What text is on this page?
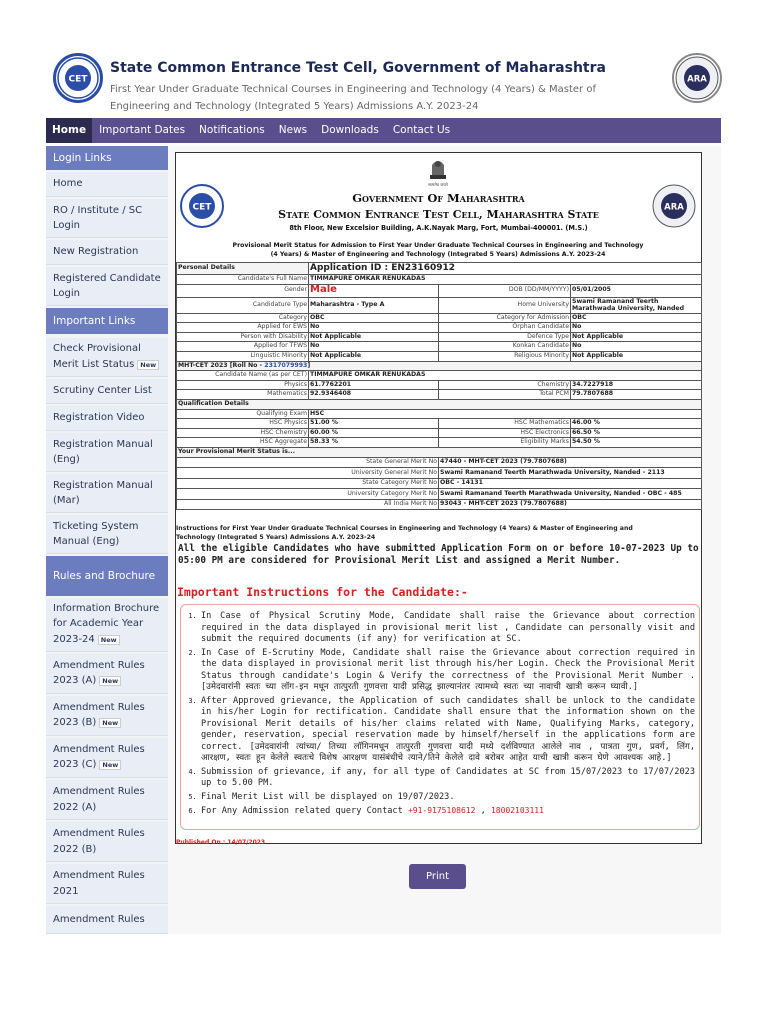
CET
State Common Entrance Test Cell, Government of Maharashtra
First Year Under Graduate Technical Courses in Engineering and Technology (4 Years) & Master of Engineering and Technology (Integrated 5 Years) Admissions A.Y. 2023-24
ARA
Home	Important Dates	Notifications	News	Downloads	Contact Us
Login Links
Home
RO / Institute / SC Login
New Registration
Registered Candidate Login
Important Links
Check Provisional Merit List Status New
Scrutiny Center List
Registration Video
Registration Manual (Eng)
Registration Manual (Mar)
Ticketing System Manual (Eng)
Rules and Brochure
Information Brochure for Academic Year 2023-24 New
Amendment Rules 2023 (A) New
Amendment Rules 2023 (B) New
Amendment Rules 2023 (C) New
Amendment Rules 2022 (A)
Amendment Rules 2022 (B)
Amendment Rules 2021
Amendment Rules
सत्यमेव जयते
CET	ARA
Government Of Maharashtra
State Common Entrance Test Cell, Maharashtra State
8th Floor, New Excelsior Building, A.K.Nayak Marg, Fort, Mumbai-400001. (M.S.)
Provisional Merit Status for Admission to First Year Under Graduate Technical Courses in Engineering and Technology (4 Years) & Master of Engineering and Technology (Integrated 5 Years) Admissions A.Y. 2023-24
Personal Details	Application ID : EN23160912		
Candidate's Full Name	TIMMAPURE OMKAR RENUKADAS		
Gender	Male	DOB (DD/MM/YYYY)	05/01/2005
Candidature Type	Maharashtra - Type A	Home University	Swami Ramanand Teerth Marathwada University, Nanded
Category	OBC	Category for Admission	OBC
Applied for EWS	No	Orphan Candidate	No
Person with Disability	Not Applicable	Defence Type	Not Applicable
Applied for TFWS	No	Konkan Candidate	No
Linguistic Minority	Not Applicable	Religious Minority	Not Applicable
MHT-CET 2023 [Roll No - 2317079993]			
Candidate Name (as per CET)	TIMMAPURE OMKAR RENUKADAS		
Physics	61.7762201	Chemistry	34.7227918
Mathematics	92.9346408	Total PCM	79.7807688
Qualification Details			
Qualifying Exam	HSC		
HSC Physics	51.00 %	HSC Mathematics	46.00 %
HSC Chemistry	60.00 %	HSC Electronics	66.50 %
HSC Aggregate	58.33 %	Eligibility Marks	54.50 %
Your Provisional Merit Status is...			
State General Merit No		47440 - MHT-CET 2023 (79.7807688)	
University General Merit No		Swami Ramanand Teerth Marathwada University, Nanded - 2113	
State Category Merit No		OBC - 14131	
University Category Merit No		Swami Ramanand Teerth Marathwada University, Nanded - OBC - 485	
All India Merit No		93043 - MHT-CET 2023 (79.7807688)	
Instructions for First Year Under Graduate Technical Courses in Engineering and Technology (4 Years) & Master of Engineering and Technology (Integrated 5 Years) Admissions A.Y. 2023-24
All the eligible Candidates who have submitted Application Form on or before 10-07-2023 Up to 05:00 PM are considered for Provisional Merit List and assigned a Merit Number.
Important Instructions for the Candidate:-
Published On : 14/07/2023
1. In Case of Physical Scrutiny Mode, Candidate shall raise the Grievance about correction required in the data displayed in provisional merit list , Candidate can personally visit and submit the required documents (if any) for verification at SC.
2. In Case of E-Scrutiny Mode, Candidate shall raise the Grievance about correction required in the data displayed in provisional merit list through his/her Login. Check the Provisional Merit Status through candidate's Login & Verify the correctness of the Provisional Merit Number . [उमेदवारांनी स्वतः च्या लॉग-इन मधून तात्पुरती गुणवत्ता यादी प्रसिद्ध झाल्यानंतर त्यामध्ये स्वतः च्या नावाची खात्री करून घ्यावी.]
3. After Approved grievance, the Application of such candidates shall be unlock to the candidate in his/her Login for rectification. Candidate shall ensure that the information shown on the Provisional Merit details of his/her claims related with Name, Qualifying Marks, category, gender, reservation, special reservation made by himself/herself in the applications form are correct. [उमेदवारांनी त्यांच्या/ तिच्या लॉगिनमधून तात्पुरती गुणवत्ता यादी मध्ये दर्शविण्यात आलेले नाव , पात्रता गुण, प्रवर्ग, लिंग, आरक्षण, स्वतः हून केलेले स्वतःचे विशेष आरक्षण यासंबंधीचे त्याने/तिने केलेले दावे बरोबर आहेत याची खात्री करून घेणे आवश्यक आहे.]
4. Submission of grievance, if any, for all type of Candidates at SC from 15/07/2023 to 17/07/2023 up to 5.00 PM.
5. Final Merit List will be displayed on 19/07/2023.
6. For Any Admission related query Contact +91-9175108612 , 18002103111
Print
